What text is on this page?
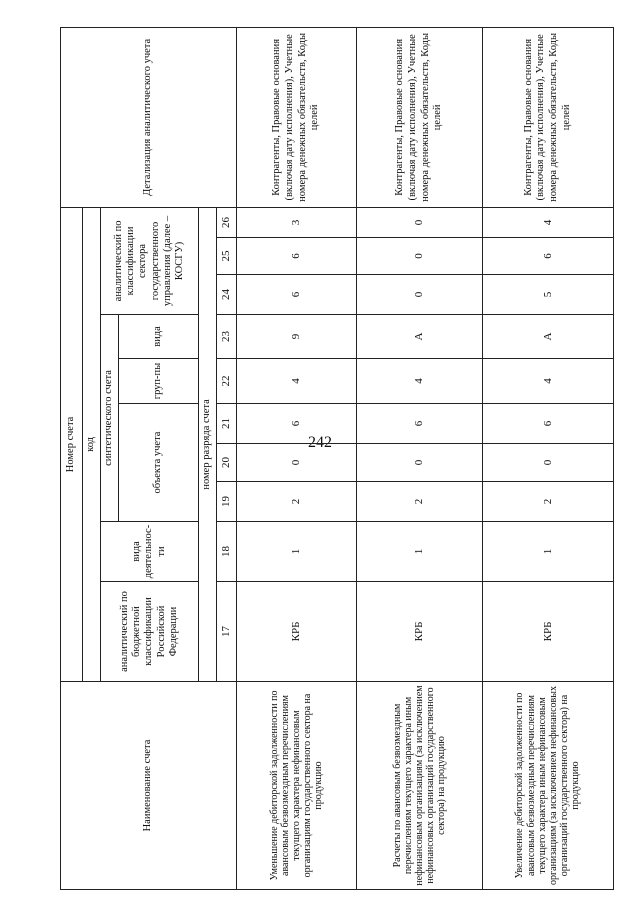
242
Наименование счета	Номер счета										Детализация аналитического учета
	код										
	аналитический по бюджетной классификации Российской Федерации	вида деятельнос-ти	синтетического счета					аналитический по классификации сектора государственного управления (далее – КОСГУ)			
			объекта учета			груп-пы	вида				
	номер разряда счета										
	17	18	19	20	21	22	23	24	25	26	
Уменьшение дебиторской задолженности по авансовым безвозмездным перечислениям текущего характера нефинансовым организациям государственного сектора на продукцию	КРБ	1	2	0	6	4	9	6	6	3	Контрагенты, Правовые основания (включая дату исполнения), Учетные номера денежных обязательств, Коды целей
Расчеты по авансовым безвозмездным перечислениям текущего характера иным нефинансовым организациям (за исключением нефинансовых организаций государственного сектора) на продукцию	КРБ	1	2	0	6	4	А	0	0	0	Контрагенты, Правовые основания (включая дату исполнения), Учетные номера денежных обязательств, Коды целей
Увеличение дебиторской задолженности по авансовым безвозмездным перечислениям текущего характера иным нефинансовым организациям (за исключением нефинансовых организаций государственного сектора) на продукцию	КРБ	1	2	0	6	4	А	5	6	4	Контрагенты, Правовые основания (включая дату исполнения), Учетные номера денежных обязательств, Коды целей
